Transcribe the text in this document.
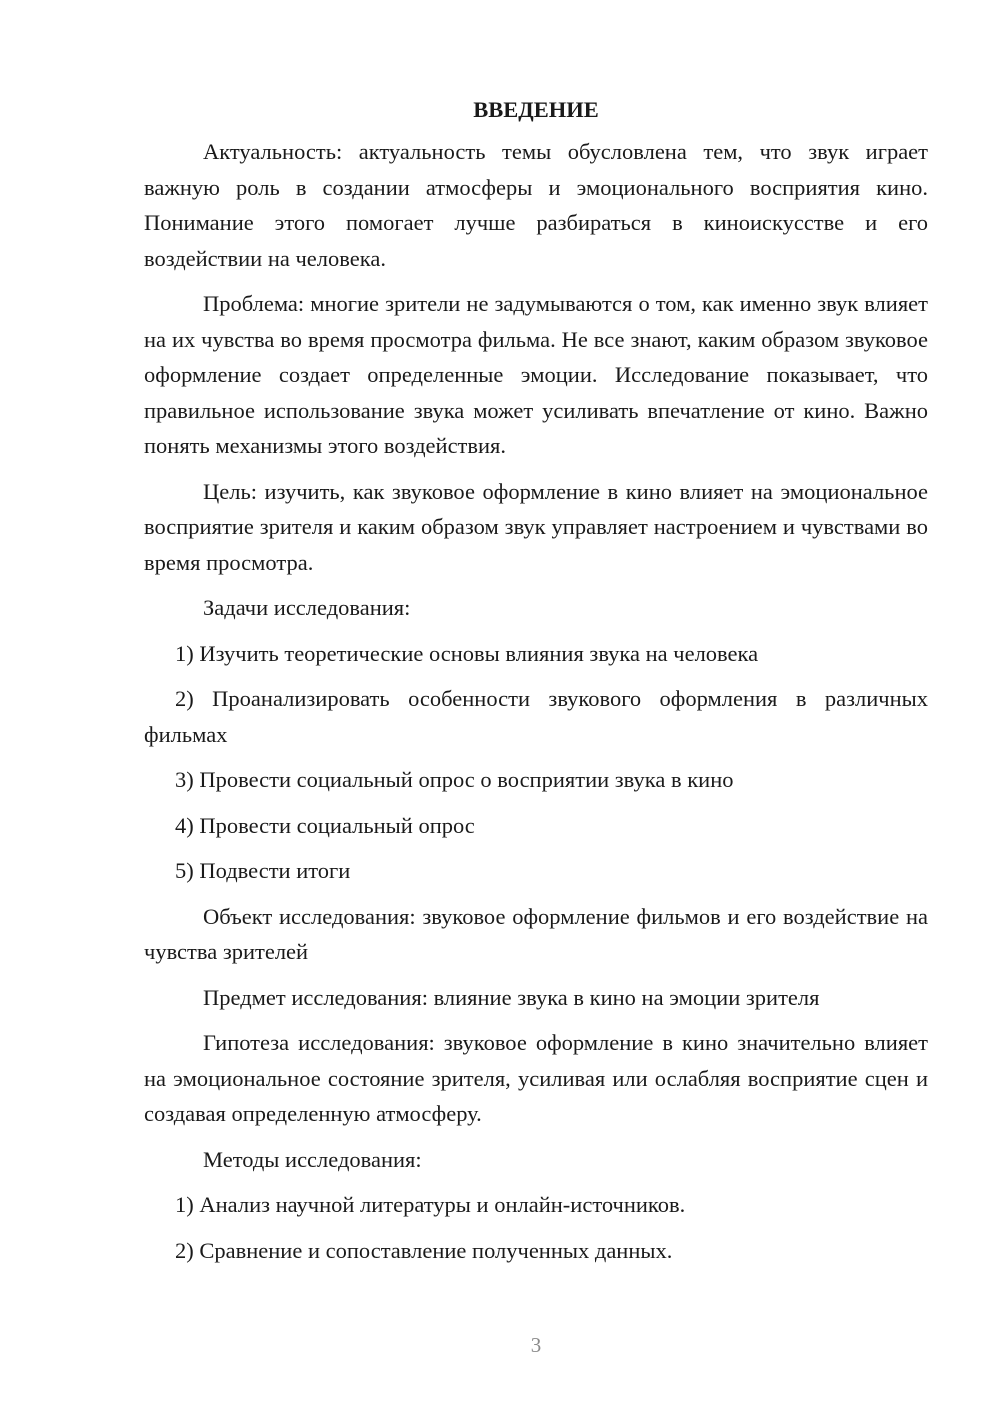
ВВЕДЕНИЕ

Актуальность: актуальность темы обусловлена тем, что звук играет важную роль в создании атмосферы и эмоционального восприятия кино. Понимание этого помогает лучше разбираться в киноискусстве и его воздействии на человека.

Проблема: многие зрители не задумываются о том, как именно звук влияет на их чувства во время просмотра фильма. Не все знают, каким образом звуковое оформление создает определенные эмоции. Исследование показывает, что правильное использование звука может усиливать впечатление от кино. Важно понять механизмы этого воздействия.

Цель: изучить, как звуковое оформление в кино влияет на эмоциональное восприятие зрителя и каким образом звук управляет настроением и чувствами во время просмотра.

Задачи исследования:

1) Изучить теоретические основы влияния звука на человека

2) Проанализировать особенности звукового оформления в различных фильмах

3) Провести социальный опрос о восприятии звука в кино

4) Провести социальный опрос

5) Подвести итоги

Объект исследования: звуковое оформление фильмов и его воздействие на чувства зрителей

Предмет исследования: влияние звука в кино на эмоции зрителя

Гипотеза исследования: звуковое оформление в кино значительно влияет на эмоциональное состояние зрителя, усиливая или ослабляя восприятие сцен и создавая определенную атмосферу.

Методы исследования:

1) Анализ научной литературы и онлайн-источников.

2) Сравнение и сопоставление полученных данных.

3
